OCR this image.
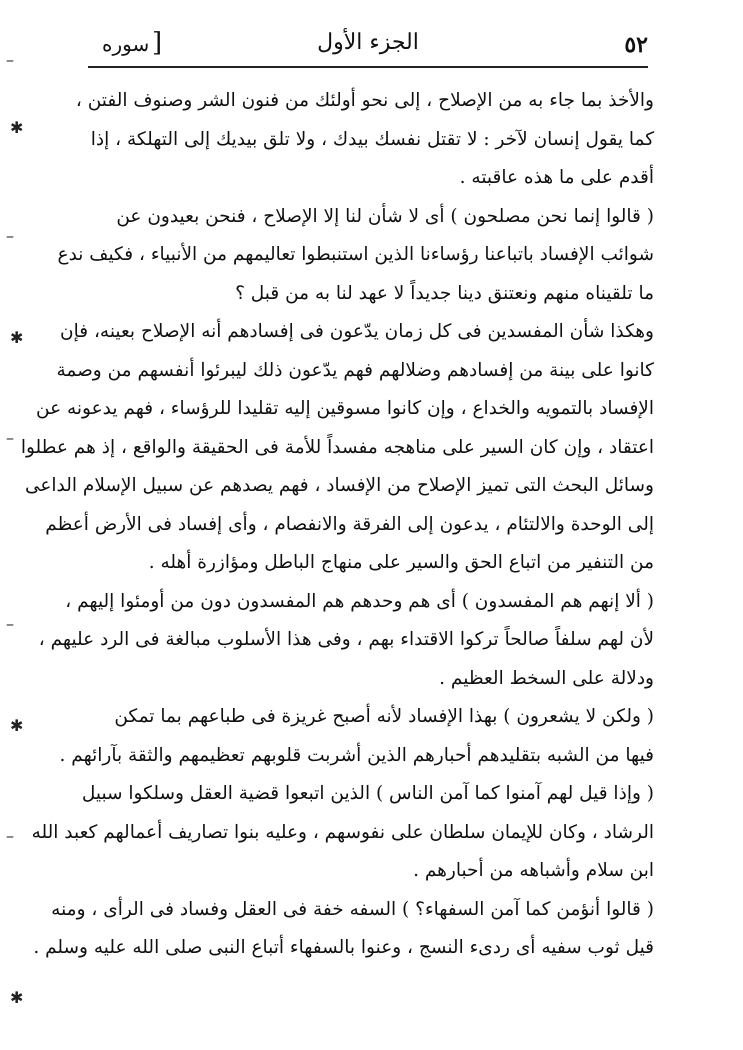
٥٢
الجزء الأول
[
سوره
والأخذ بما جاء به من الإصلاح ، إلى نحو أولئك من فنون الشر وصنوف الفتن ،
كما يقول إنسان لآخر : لا تقتل نفسك بيدك ، ولا تلق بيديك إلى التهلكة ، إذا
أقدم على ما هذه عاقبته .
( قالوا إنما نحن مصلحون ) أى لا شأن لنا إلا الإصلاح ، فنحن بعيدون عن
شوائب الإفساد باتباعنا رؤساءنا الذين استنبطوا تعاليمهم من الأنبياء ، فكيف ندع
ما تلقيناه منهم ونعتنق دينا جديداً لا عهد لنا به من قبل ؟
وهكذا شأن المفسدين فى كل زمان يدّعون فى إفسادهم أنه الإصلاح بعينه، فإن
كانوا على بينة من إفسادهم وضلالهم فهم يدّعون ذلك ليبرئوا أنفسهم من وصمة
الإفساد بالتمويه والخداع ، وإن كانوا مسوقين إليه تقليدا للرؤساء ، فهم يدعونه عن
اعتقاد ، وإن كان السير على مناهجه مفسداً للأمة فى الحقيقة والواقع ، إذ هم عطلوا
وسائل البحث التى تميز الإصلاح من الإفساد ، فهم يصدهم عن سبيل الإسلام الداعى
إلى الوحدة والالتئام ، يدعون إلى الفرقة والانفصام ، وأى إفساد فى الأرض أعظم
من التنفير من اتباع الحق والسير على منهاج الباطل ومؤازرة أهله .
( ألا إنهم هم المفسدون ) أى هم وحدهم هم المفسدون دون من أومئوا إليهم ،
لأن لهم سلفاً صالحاً تركوا الاقتداء بهم ، وفى هذا الأسلوب مبالغة فى الرد عليهم ،
ودلالة على السخط العظيم .
( ولكن لا يشعرون ) بهذا الإفساد لأنه أصبح غريزة فى طباعهم بما تمكن
فيها من الشبه بتقليدهم أحبارهم الذين أشربت قلوبهم تعظيمهم والثقة بآرائهم .
( وإذا قيل لهم آمنوا كما آمن الناس ) الذين اتبعوا قضية العقل وسلكوا سبيل
الرشاد ، وكان للإيمان سلطان على نفوسهم ، وعليه بنوا تصاريف أعمالهم كعبد الله
ابن سلام وأشباهه من أحبارهم .
( قالوا أنؤمن كما آمن السفهاء؟ ) السفه خفة فى العقل وفساد فى الرأى ، ومنه
قيل ثوب سفيه أى ردىء النسج ، وعنوا بالسفهاء أتباع النبى صلى الله عليه وسلم .
–
✱
–
✱
–
–
✱
–
✱
